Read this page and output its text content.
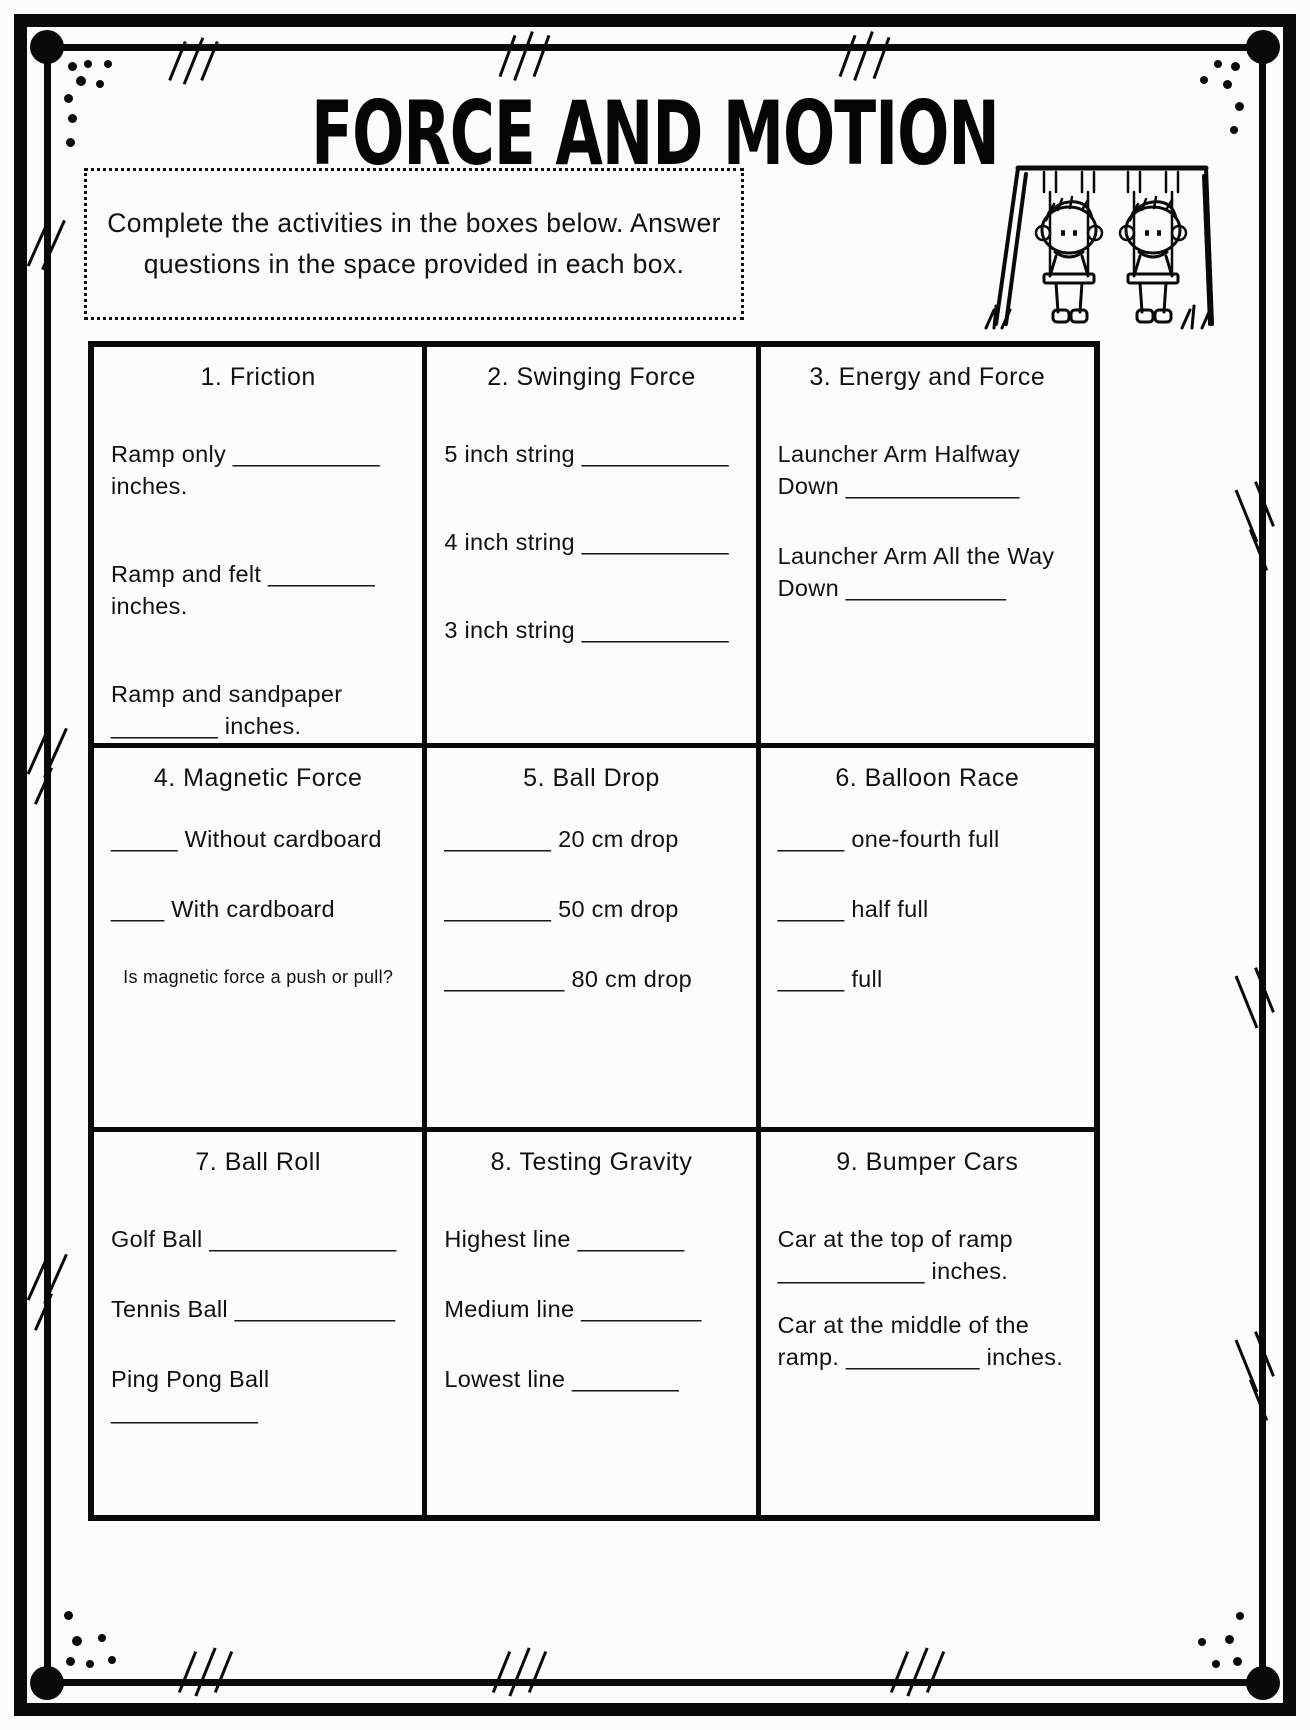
FORCE AND MOTION
Complete the activities in the boxes below. Answer questions in the space provided in each box.
1. Friction
Ramp only ___________ inches.
Ramp and felt ________ inches.
Ramp and sandpaper ________ inches.
2. Swinging Force
5 inch string ___________
4 inch string ___________
3 inch string ___________
3. Energy and Force
Launcher Arm Halfway Down _____________
Launcher Arm All the Way Down ____________
4. Magnetic Force
_____ Without cardboard
____ With cardboard
Is magnetic force a push or pull?
5. Ball Drop
________ 20 cm drop
________ 50 cm drop
_________ 80 cm drop
6. Balloon Race
_____ one-fourth full
_____ half full
_____ full
7. Ball Roll
Golf Ball ______________
Tennis Ball ____________
Ping Pong Ball ___________
8. Testing Gravity
Highest line ________
Medium line _________
Lowest line ________
9. Bumper Cars
Car at the top of ramp ___________ inches.
Car at the middle of the ramp. __________ inches.
